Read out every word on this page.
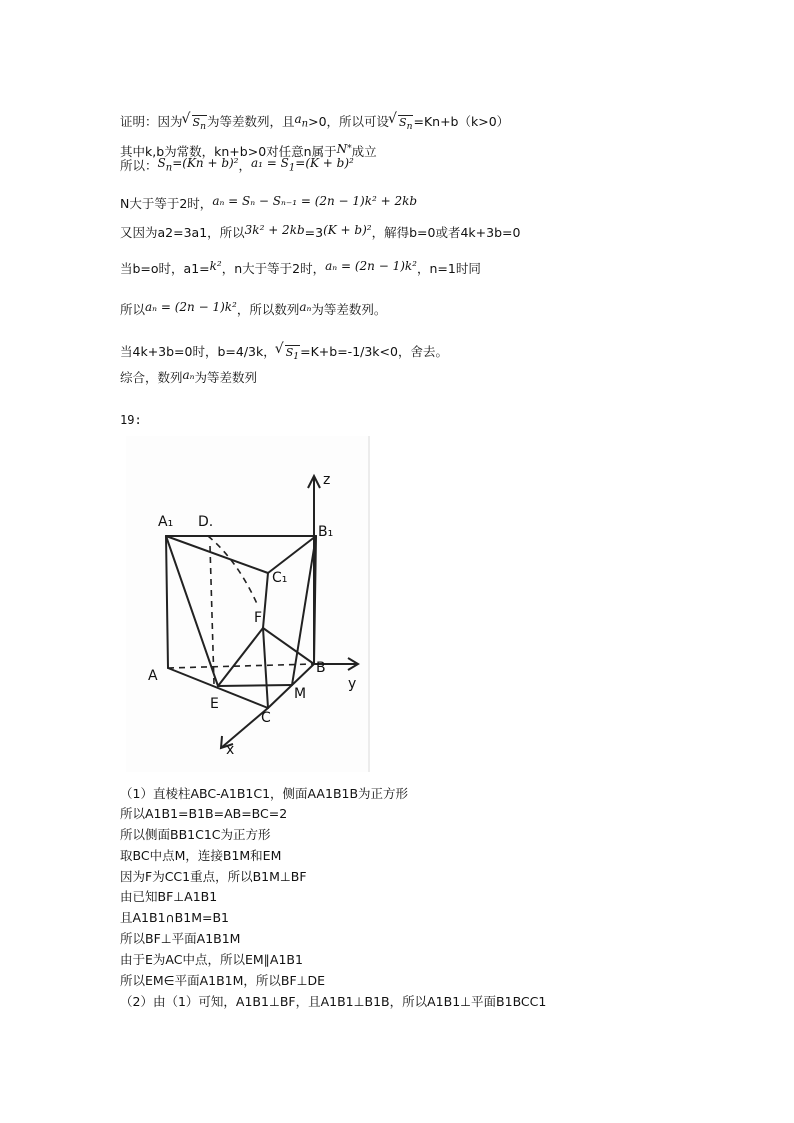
证明：因为 √ $S_n$为等差数列，且$a_n>0$，所以可设 √ $S_n=Kn+b(k>0)$
其中k,b为常数，kn+b>0对任意n属于N*成立
所以：$S_n=(Kn + b)^2$，$a_1 = S_1=(K + b)^2$
N大于等于2时，aₙ = Sₙ − Sₙ₋₁ = (2n − 1)k² + 2kb
又因为a2=3a1，所以3k² + 2kb=3(K + b)²，解得b=0或者4k+3b=0
当b=o时，a1=k²，n大于等于2时，aₙ = (2n − 1)k²，n=1时同
所以aₙ = (2n − 1)k²，所以数列aₙ为等差数列。
当4k+3b=0时，b=4/3k， √ $S_1=K+b=-1/3k<0$，舍去。
综合，数列aₙ为等差数列
19:
A₁ D.
B₁
C₁
F
A	B
E
C
M
z
y
x
（1）直棱柱ABC-A1B1C1，侧面AA1B1B为正方形
所以A1B1=B1B=AB=BC=2
所以侧面BB1C1C为正方形
取BC中点M，连接B1M和EM
因为F为CC1重点，所以B1M⊥BF
由已知BF⊥A1B1
且A1B1∩B1M=B1
所以BF⊥平面A1B1M
由于E为AC中点，所以EM∥A1B1
所以EM∈平面A1B1M，所以BF⊥DE
（2）由（1）可知，A1B1⊥BF，且A1B1⊥B1B，所以A1B1⊥平面B1BCC1
